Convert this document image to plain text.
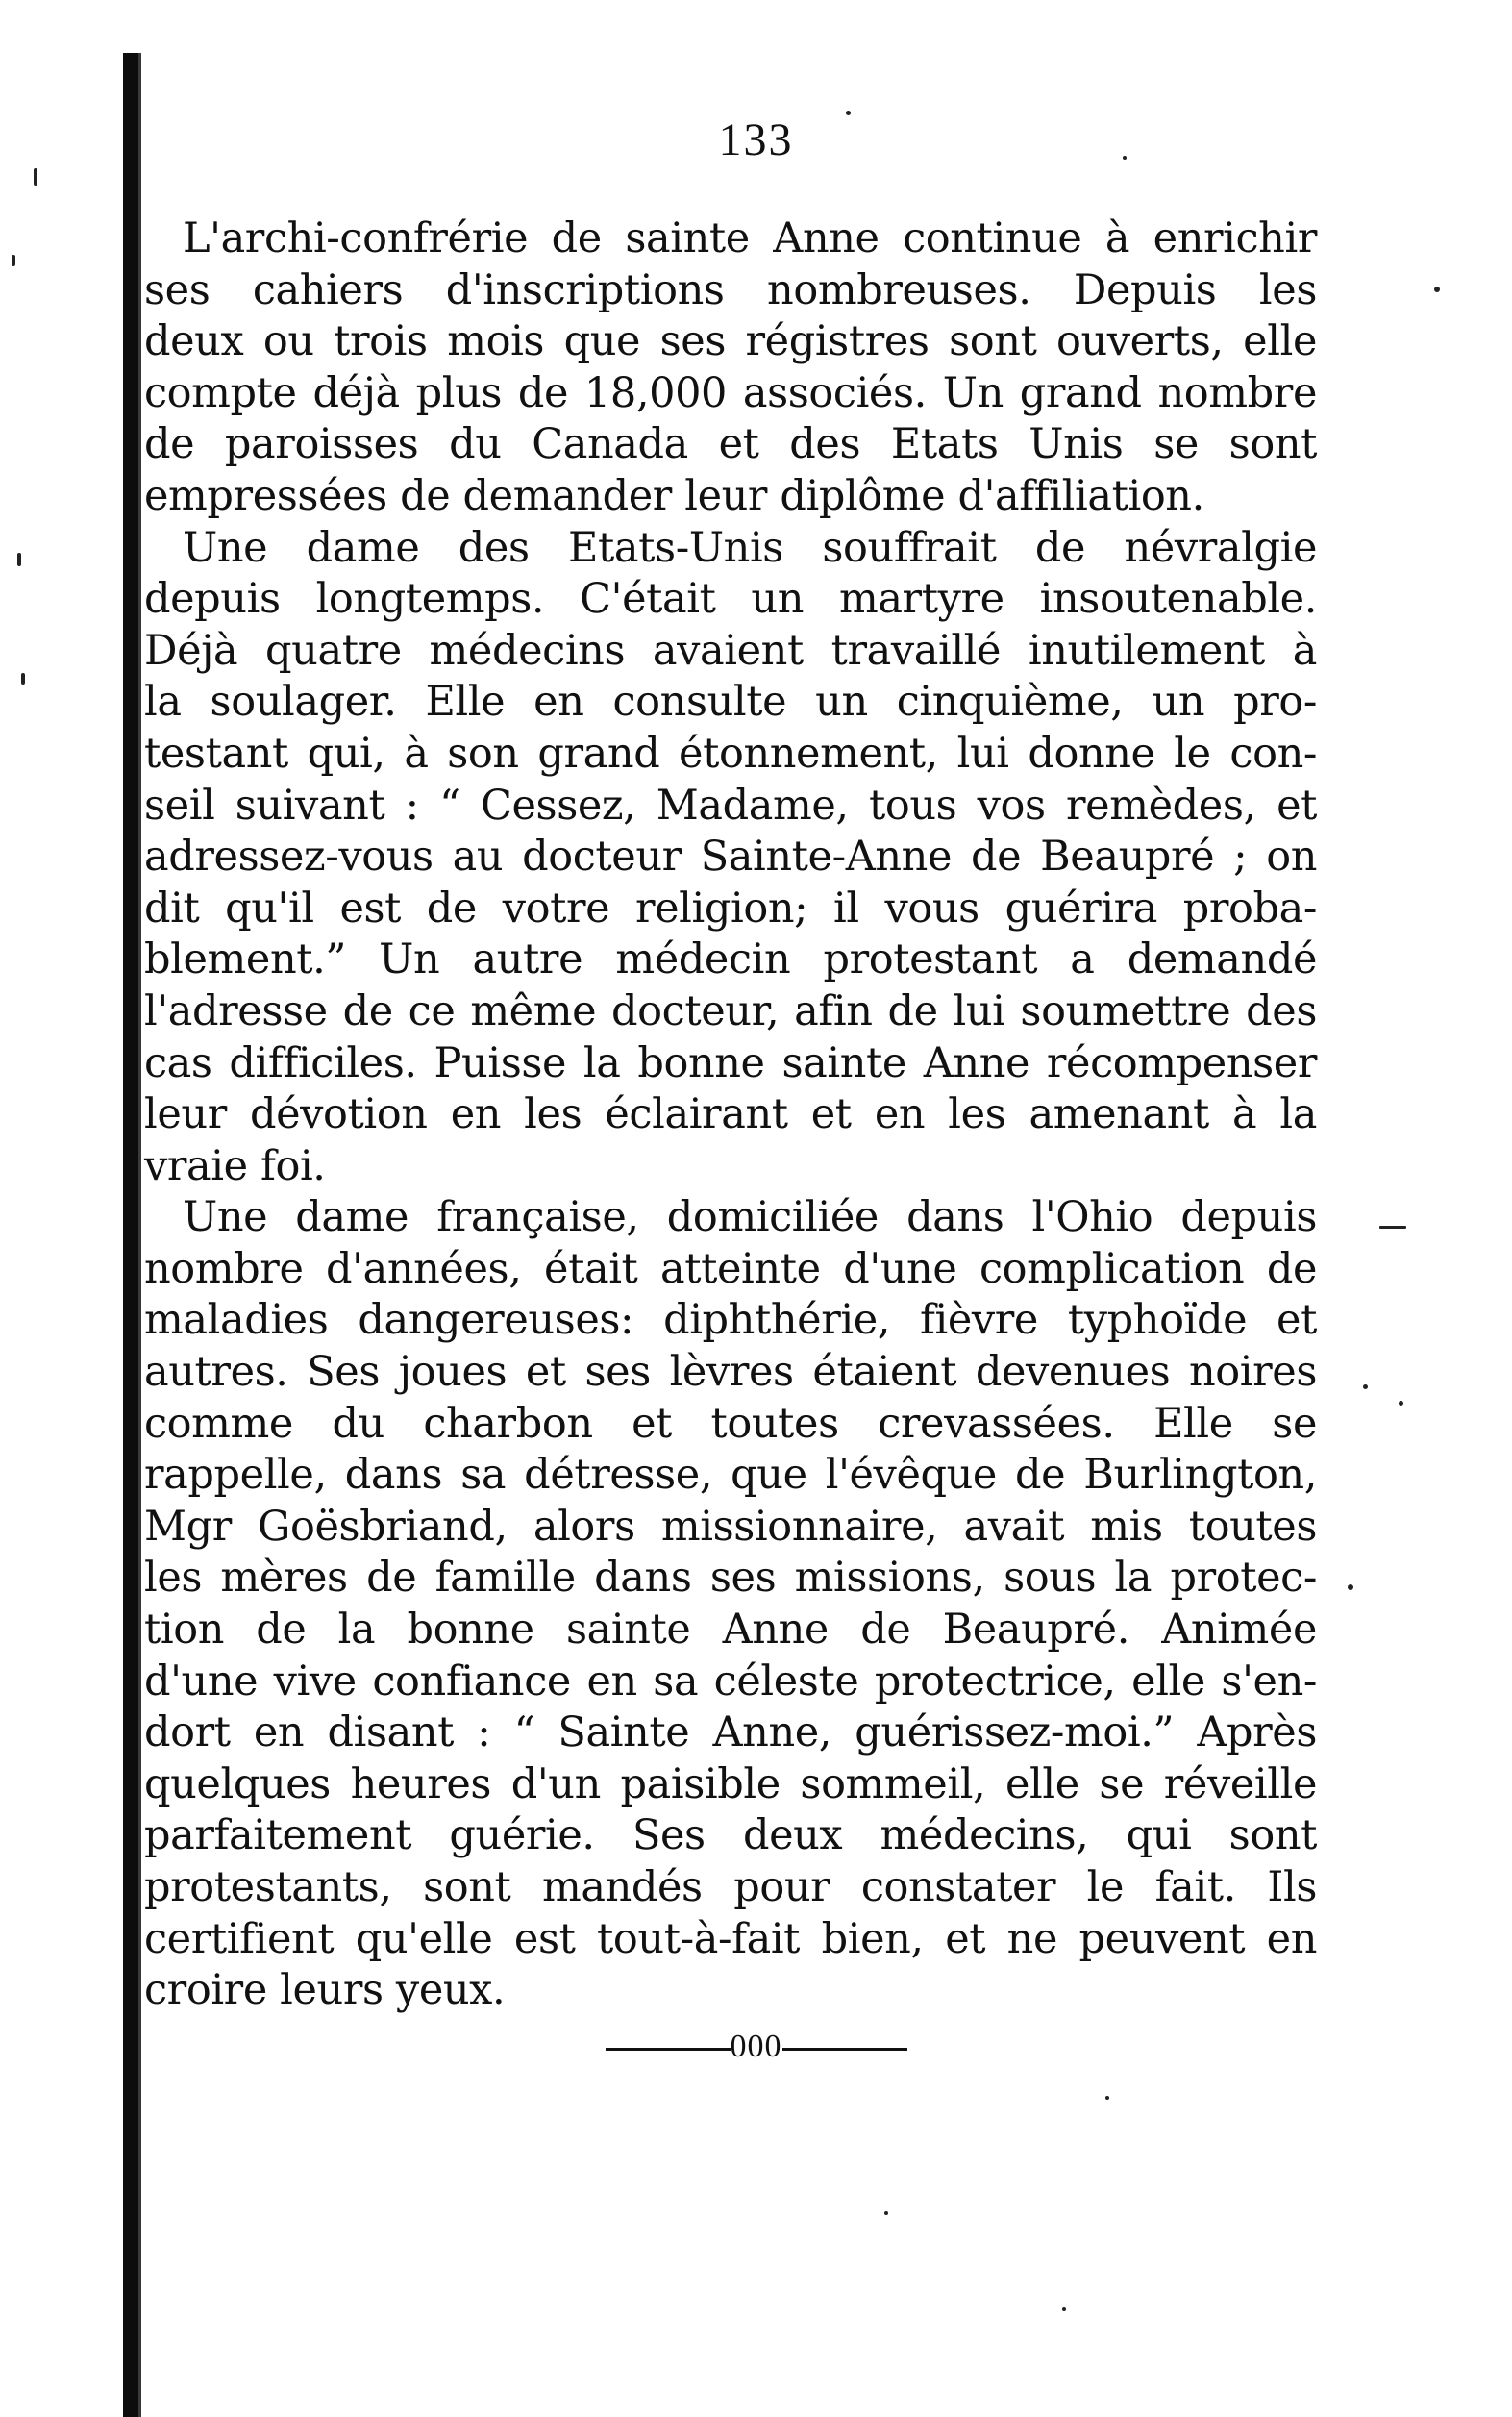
133
L'archi-confrérie de sainte Anne continue à enrichir
ses cahiers d'inscriptions nombreuses. Depuis les
deux ou trois mois que ses régistres sont ouverts, elle
compte déjà plus de 18,000 associés. Un grand nombre
de paroisses du Canada et des Etats Unis se sont
empressées de demander leur diplôme d'affiliation.
Une dame des Etats-Unis souffrait de névralgie
depuis longtemps. C'était un martyre insoutenable.
Déjà quatre médecins avaient travaillé inutilement à
la soulager. Elle en consulte un cinquième, un pro-
testant qui, à son grand étonnement, lui donne le con-
seil suivant : “ Cessez, Madame, tous vos remèdes, et
adressez-vous au docteur Sainte-Anne de Beaupré ; on
dit qu'il est de votre religion; il vous guérira proba-
blement.” Un autre médecin protestant a demandé
l'adresse de ce même docteur, afin de lui soumettre des
cas difficiles. Puisse la bonne sainte Anne récompenser
leur dévotion en les éclairant et en les amenant à la
vraie foi.
Une dame française, domiciliée dans l'Ohio depuis
nombre d'années, était atteinte d'une complication de
maladies dangereuses: diphthérie, fièvre typhoïde et
autres. Ses joues et ses lèvres étaient devenues noires
comme du charbon et toutes crevassées. Elle se
rappelle, dans sa détresse, que l'évêque de Burlington,
Mgr Goësbriand, alors missionnaire, avait mis toutes
les mères de famille dans ses missions, sous la protec-
tion de la bonne sainte Anne de Beaupré. Animée
d'une vive confiance en sa céleste protectrice, elle s'en-
dort en disant : “ Sainte Anne, guérissez-moi.” Après
quelques heures d'un paisible sommeil, elle se réveille
parfaitement guérie. Ses deux médecins, qui sont
protestants, sont mandés pour constater le fait. Ils
certifient qu'elle est tout-à-fait bien, et ne peuvent en
croire leurs yeux.
000
